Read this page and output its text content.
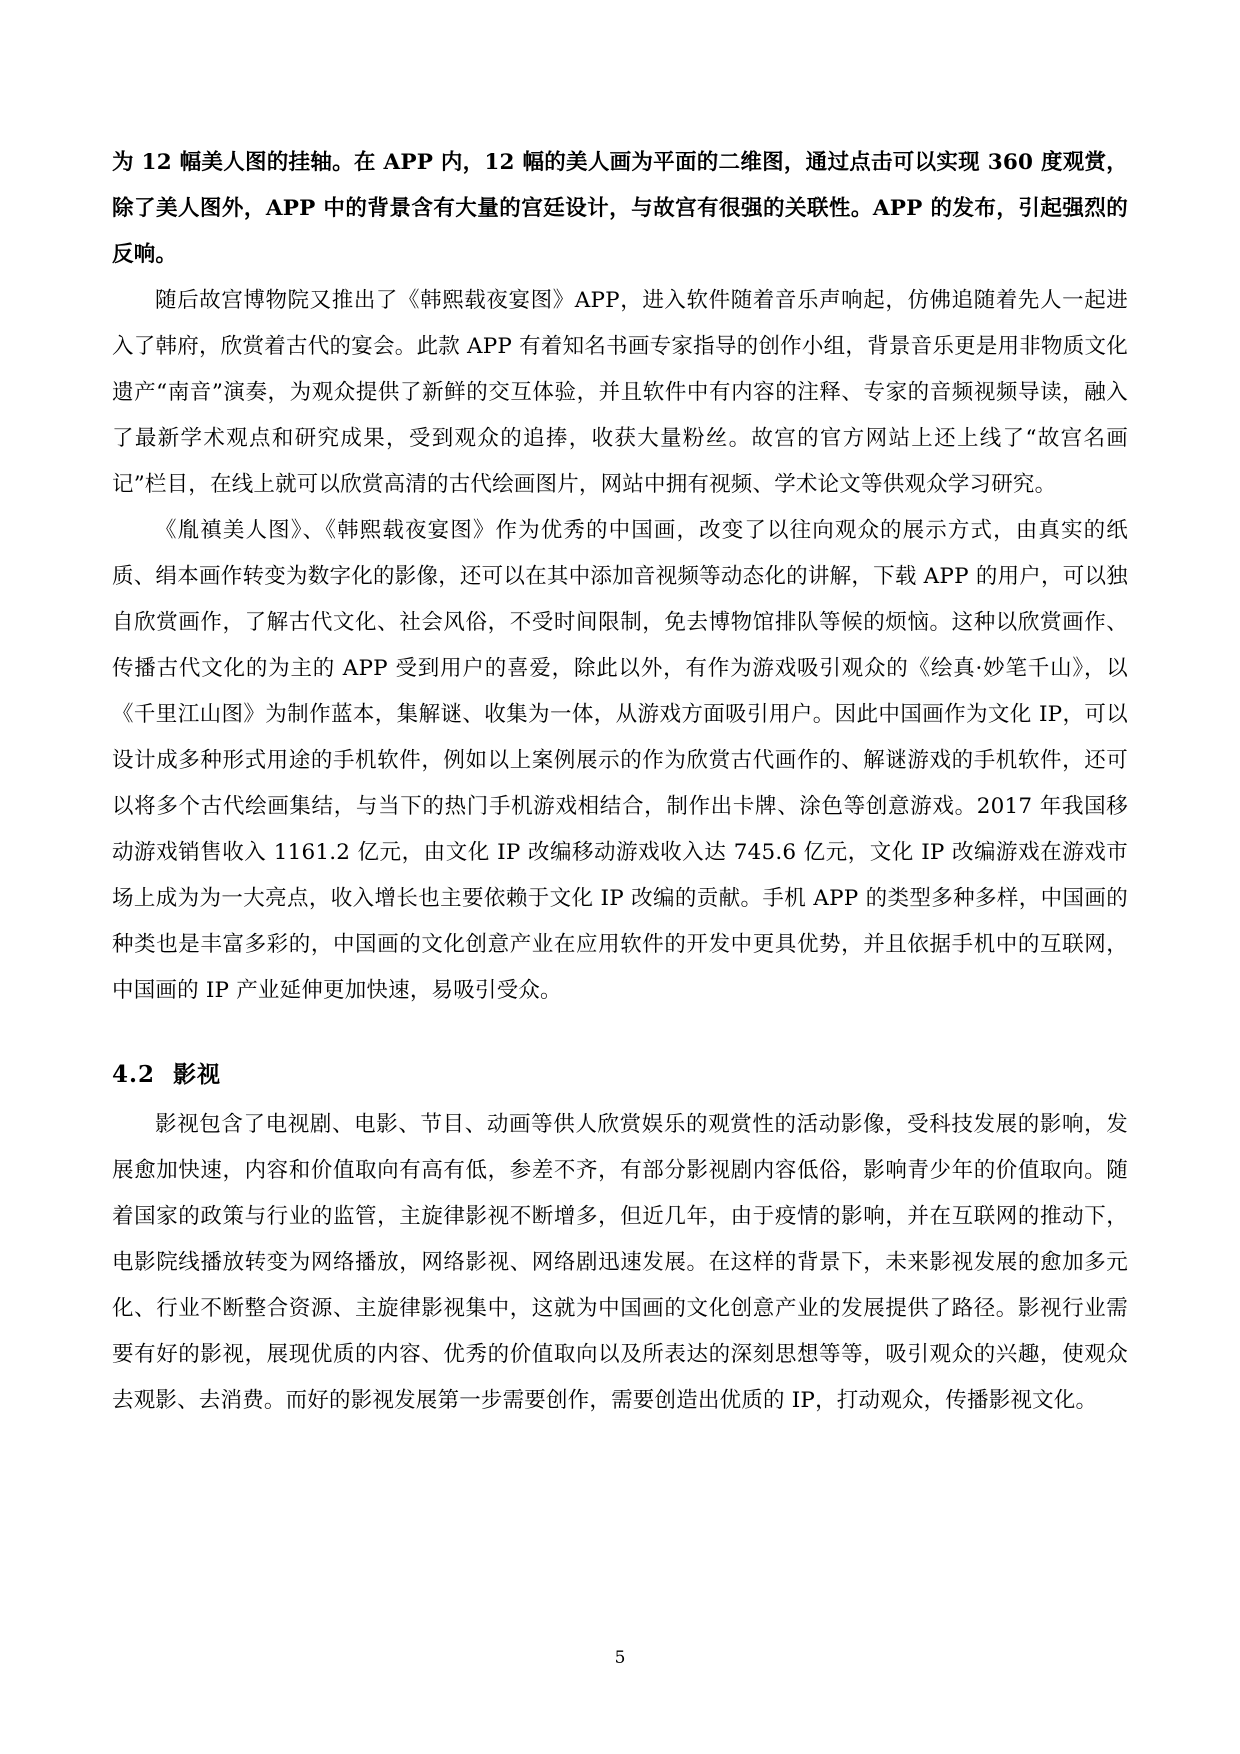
为 12 幅美人图的挂轴。在 APP 内，12 幅的美人画为平面的二维图，通过点击可以实现 360 度观赏，除了美人图外，APP 中的背景含有大量的宫廷设计，与故宫有很强的关联性。APP 的发布，引起强烈的反响。

随后故宫博物院又推出了《韩熙载夜宴图》APP，进入软件随着音乐声响起，仿佛追随着先人一起进入了韩府，欣赏着古代的宴会。此款 APP 有着知名书画专家指导的创作小组，背景音乐更是用非物质文化遗产“南音”演奏，为观众提供了新鲜的交互体验，并且软件中有内容的注释、专家的音频视频导读，融入了最新学术观点和研究成果，受到观众的追捧，收获大量粉丝。故宫的官方网站上还上线了“故宫名画记”栏目，在线上就可以欣赏高清的古代绘画图片，网站中拥有视频、学术论文等供观众学习研究。

《胤禛美人图》、《韩熙载夜宴图》作为优秀的中国画，改变了以往向观众的展示方式，由真实的纸质、绢本画作转变为数字化的影像，还可以在其中添加音视频等动态化的讲解，下载 APP 的用户，可以独自欣赏画作，了解古代文化、社会风俗，不受时间限制，免去博物馆排队等候的烦恼。这种以欣赏画作、传播古代文化的为主的 APP 受到用户的喜爱，除此以外，有作为游戏吸引观众的《绘真·妙笔千山》，以《千里江山图》为制作蓝本，集解谜、收集为一体，从游戏方面吸引用户。因此中国画作为文化 IP，可以设计成多种形式用途的手机软件，例如以上案例展示的作为欣赏古代画作的、解谜游戏的手机软件，还可以将多个古代绘画集结，与当下的热门手机游戏相结合，制作出卡牌、涂色等创意游戏。2017 年我国移动游戏销售收入 1161.2 亿元，由文化 IP 改编移动游戏收入达 745.6 亿元，文化 IP 改编游戏在游戏市场上成为为一大亮点，收入增长也主要依赖于文化 IP 改编的贡献。手机 APP 的类型多种多样，中国画的种类也是丰富多彩的，中国画的文化创意产业在应用软件的开发中更具优势，并且依据手机中的互联网，中国画的 IP 产业延伸更加快速，易吸引受众。

4.2 影视

影视包含了电视剧、电影、节目、动画等供人欣赏娱乐的观赏性的活动影像，受科技发展的影响，发展愈加快速，内容和价值取向有高有低，参差不齐，有部分影视剧内容低俗，影响青少年的价值取向。随着国家的政策与行业的监管，主旋律影视不断增多，但近几年，由于疫情的影响，并在互联网的推动下，电影院线播放转变为网络播放，网络影视、网络剧迅速发展。在这样的背景下，未来影视发展的愈加多元化、行业不断整合资源、主旋律影视集中，这就为中国画的文化创意产业的发展提供了路径。影视行业需要有好的影视，展现优质的内容、优秀的价值取向以及所表达的深刻思想等等，吸引观众的兴趣，使观众去观影、去消费。而好的影视发展第一步需要创作，需要创造出优质的 IP，打动观众，传播影视文化。

5
